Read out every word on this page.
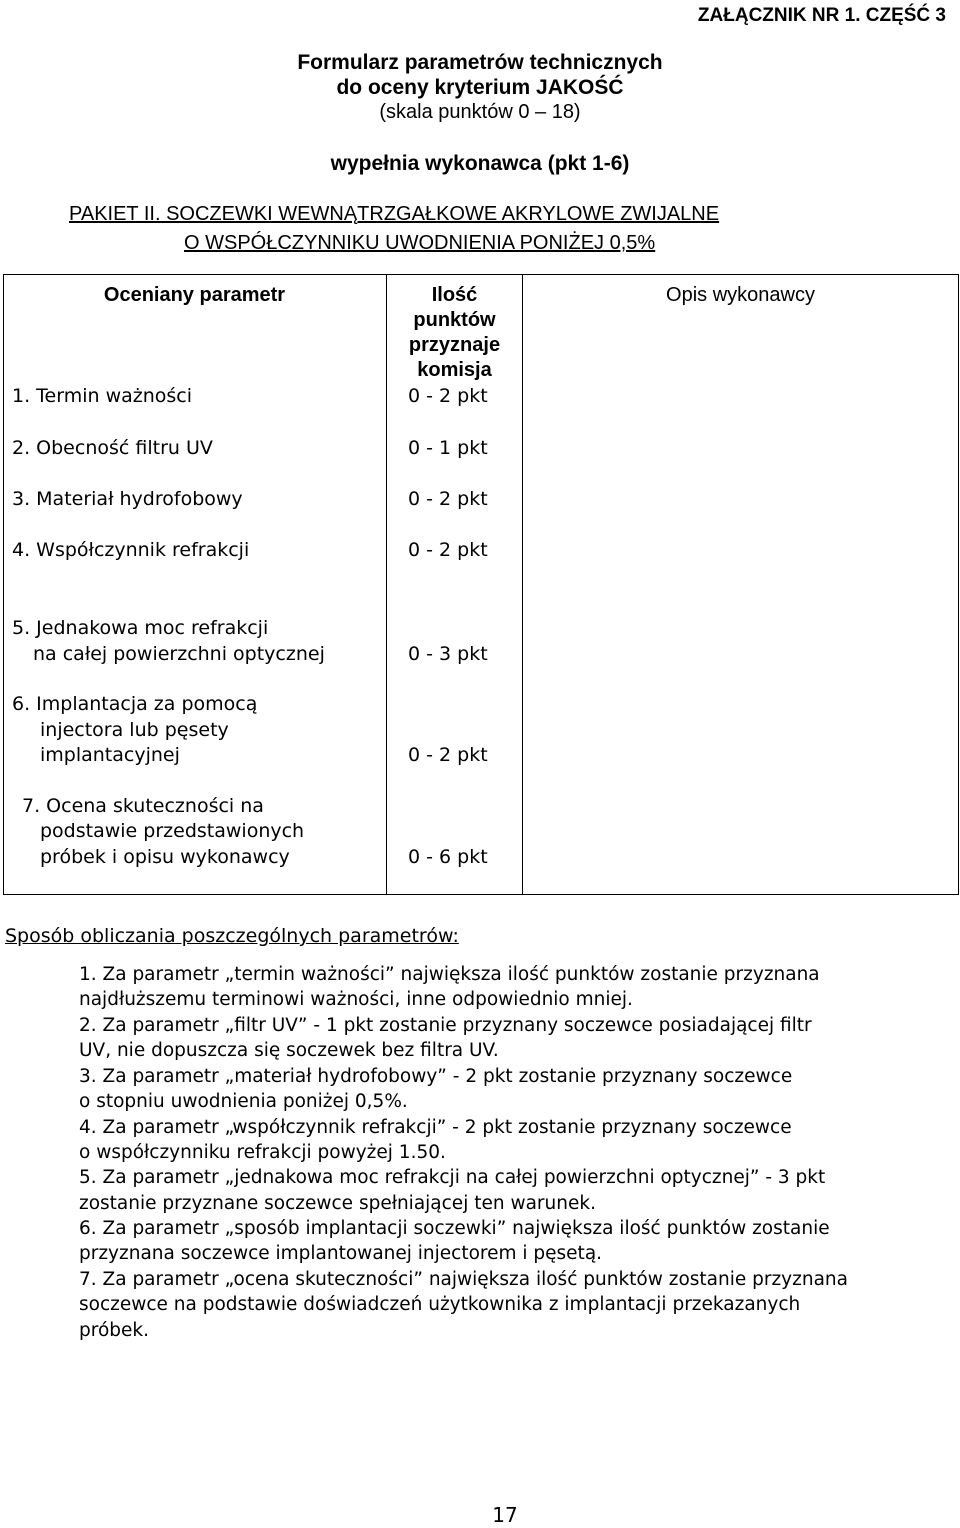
ZAŁĄCZNIK NR 1. CZĘŚĆ 3
Formularz parametrów technicznych
do oceny kryterium JAKOŚĆ
(skala punktów 0 – 18)
wypełnia wykonawca (pkt 1-6)
PAKIET II. SOCZEWKI WEWNĄTRZGAŁKOWE AKRYLOWE ZWIJALNE
O WSPÓŁCZYNNIKU UWODNIENIA PONIŻEJ 0,5%
Oceniany parametr	Ilość
punktów
przyznaje
komisja
Opis wykonawcy
1. Termin ważności	0 - 2 pkt
2. Obecność filtru UV	0 - 1 pkt
3. Materiał hydrofobowy	0 - 2 pkt
4. Współczynnik refrakcji	0 - 2 pkt
5. Jednakowa moc refrakcji
na całej powierzchni optycznej	0 - 3 pkt
6. Implantacja za pomocą
injectora lub pęsety
implantacyjnej	0 - 2 pkt
7. Ocena skuteczności na
podstawie przedstawionych
próbek i opisu wykonawcy	0 - 6 pkt
Sposób obliczania poszczególnych parametrów:
1. Za parametr „termin ważności” największa ilość punktów zostanie przyznana
najdłuższemu terminowi ważności, inne odpowiednio mniej.
2. Za parametr „filtr UV” - 1 pkt zostanie przyznany soczewce posiadającej filtr
UV, nie dopuszcza się soczewek bez filtra UV.
3. Za parametr „materiał hydrofobowy” - 2 pkt zostanie przyznany soczewce
o stopniu uwodnienia poniżej 0,5%.
4. Za parametr „współczynnik refrakcji” - 2 pkt zostanie przyznany soczewce
o współczynniku refrakcji powyżej 1.50.
5. Za parametr „jednakowa moc refrakcji na całej powierzchni optycznej” - 3 pkt
zostanie przyznane soczewce spełniającej ten warunek.
6. Za parametr „sposób implantacji soczewki” największa ilość punktów zostanie
przyznana soczewce implantowanej injectorem i pęsetą.
7. Za parametr „ocena skuteczności” największa ilość punktów zostanie przyznana
soczewce na podstawie doświadczeń użytkownika z implantacji przekazanych
próbek.
17
